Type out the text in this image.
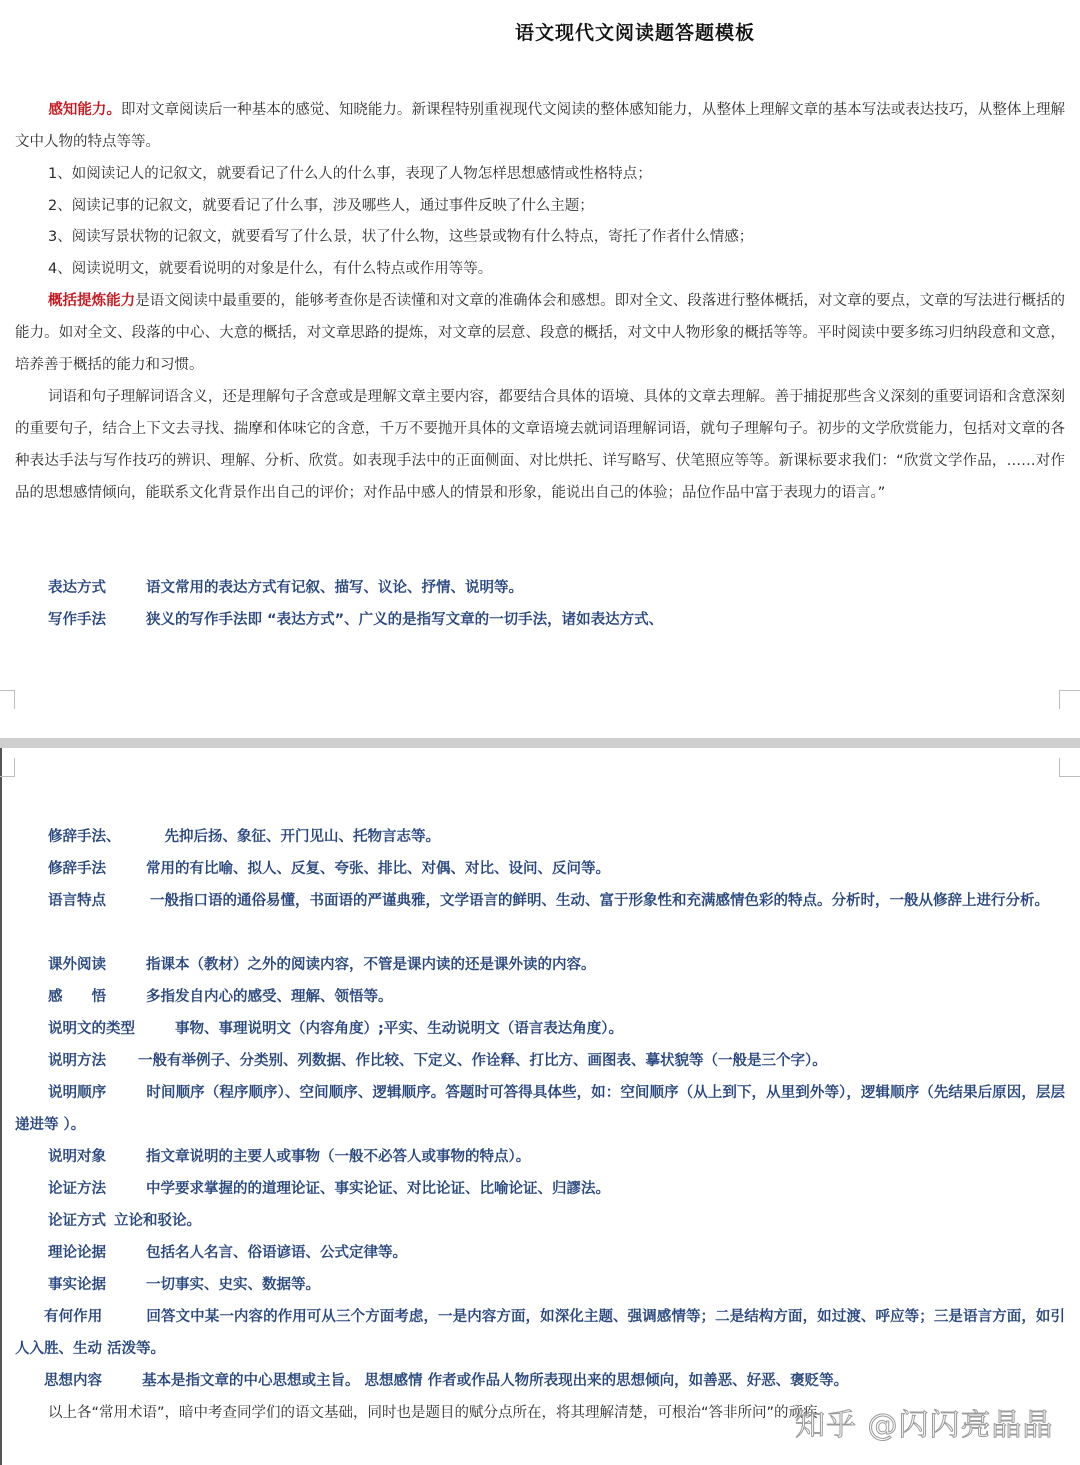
语文现代文阅读题答题模板
感知能力。即对文章阅读后一种基本的感觉、知晓能力。新课程特别重视现代文阅读的整体感知能力，从整体上理解文章的基本写法或表达技巧，从整体上理解文中人物的特点等等。
1、如阅读记人的记叙文，就要看记了什么人的什么事，表现了人物怎样思想感情或性格特点；
2、阅读记事的记叙文，就要看记了什么事，涉及哪些人，通过事件反映了什么主题；
3、阅读写景状物的记叙文，就要看写了什么景，状了什么物，这些景或物有什么特点，寄托了作者什么情感；
4、阅读说明文，就要看说明的对象是什么，有什么特点或作用等等。
概括提炼能力是语文阅读中最重要的，能够考查你是否读懂和对文章的准确体会和感想。即对全文、段落进行整体概括，对文章的要点，文章的写法进行概括的能力。如对全文、段落的中心、大意的概括，对文章思路的提炼，对文章的层意、段意的概括，对文中人物形象的概括等等。平时阅读中要多练习归纳段意和文意，培养善于概括的能力和习惯。
词语和句子理解词语含义，还是理解句子含意或是理解文章主要内容，都要结合具体的语境、具体的文章去理解。善于捕捉那些含义深刻的重要词语和含意深刻的重要句子，结合上下文去寻找、揣摩和体味它的含意，千万不要抛开具体的文章语境去就词语理解词语，就句子理解句子。初步的文学欣赏能力，包括对文章的各种表达手法与写作技巧的辨识、理解、分析、欣赏。如表现手法中的正面侧面、对比烘托、详写略写、伏笔照应等等。新课标要求我们：“欣赏文学作品，……对作品的思想感情倾向，能联系文化背景作出自己的评价；对作品中感人的情景和形象，能说出自己的体验；品位作品中富于表现力的语言。”
表达方式	语文常用的表达方式有记叙、描写、议论、抒情、说明等。
写作手法	狭义的写作手法即 “表达方式”、广义的是指写文章的一切手法，诸如表达方式、
修辞手法、	先抑后扬、象征、开门见山、托物言志等。
修辞手法	常用的有比喻、拟人、反复、夸张、排比、对偶、对比、设问、反问等。
语言特点	一般指口语的通俗易懂，书面语的严谨典雅，文学语言的鲜明、生动、富于形象性和充满感情色彩的特点。分析时，一般从修辞上进行分析。
课外阅读	指课本（教材）之外的阅读内容，不管是课内读的还是课外读的内容。
感　　悟	多指发自内心的感受、理解、领悟等。
说明文的类型	事物、事理说明文（内容角度）;平实、生动说明文（语言表达角度）。
说明方法 一般有举例子、分类别、列数据、作比较、下定义、作诠释、打比方、画图表、摹状貌等（一般是三个字）。
说明顺序	时间顺序（程序顺序）、空间顺序、逻辑顺序。答题时可答得具体些，如：空间顺序（从上到下，从里到外等），逻辑顺序（先结果后原因，层层递进等 ）。
说明对象	指文章说明的主要人或事物（一般不必答人或事物的特点）。
论证方法	中学要求掌握的的道理论证、事实论证、对比论证、比喻论证、归謬法。
论证方式 立论和驳论。
理论论据	包括名人名言、俗语谚语、公式定律等。
事实论据	一切事实、史实、数据等。
有何作用	回答文中某一内容的作用可从三个方面考虑，一是内容方面，如深化主题、强调感情等；二是结构方面，如过渡、呼应等；三是语言方面，如引人入胜、生动 活泼等。
思想内容	基本是指文章的中心思想或主旨。 思想感情 作者或作品人物所表现出来的思想倾向，如善恶、好恶、褒贬等。
以上各“常用术语”，暗中考查同学们的语文基础，同时也是题目的赋分点所在，将其理解清楚，可根治“答非所问”的顽疾
知乎 @闪闪亮晶晶
